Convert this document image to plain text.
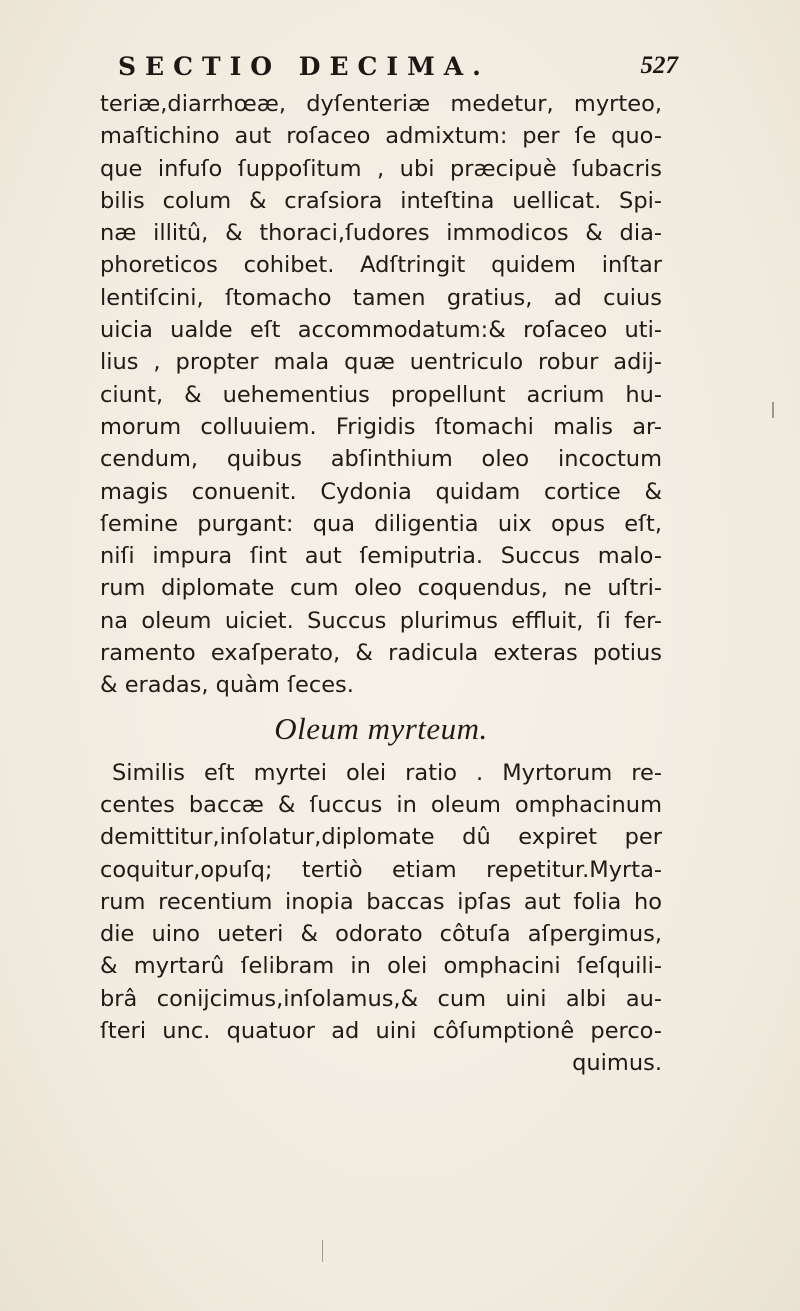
SECTIO DECIMA.	527
teriæ,diarrhœæ, dyſenteriæ medetur, myrteo,
maſtichino aut roſaceo admixtum: per ſe quo-
que infuſo ſuppoſitum , ubi præcipuè ſubacris
bilis colum & craſsiora inteſtina uellicat. Spi-
næ illitû, & thoraci,ſudores immodicos & dia-
phoreticos cohibet. Adſtringit quidem inſtar
lentiſcini, ſtomacho tamen gratius, ad cuius
uicia ualde eſt accommodatum:& roſaceo uti-
lius , propter mala quæ uentriculo robur adij-
ciunt, & uehementius propellunt acrium hu-
morum colluuiem. Frigidis ſtomachi malis ar-
cendum, quibus abſinthium oleo incoctum
magis conuenit. Cydonia quidam cortice &
ſemine purgant: qua diligentia uix opus eſt,
niſi impura ſint aut ſemiputria. Succus malo-
rum diplomate cum oleo coquendus, ne uſtri-
na oleum uiciet. Succus plurimus effluit, ſi fer-
ramento exaſperato, & radicula exteras potius
& eradas, quàm ſeces.
Oleum myrteum.
Similis eſt myrtei olei ratio . Myrtorum re-
centes baccæ & ſuccus in oleum omphacinum
demittitur,inſolatur,diplomate dû expiret per
coquitur,opuſq; tertiò etiam repetitur.Myrta-
rum recentium inopia baccas ipſas aut folia ho
die uino ueteri & odorato côtuſa aſpergimus,
& myrtarû ſelibram in olei omphacini ſeſquili-
brâ conijcimus,inſolamus,& cum uini albi au-
ſteri unc. quatuor ad uini côſumptionê perco-
quimus.
